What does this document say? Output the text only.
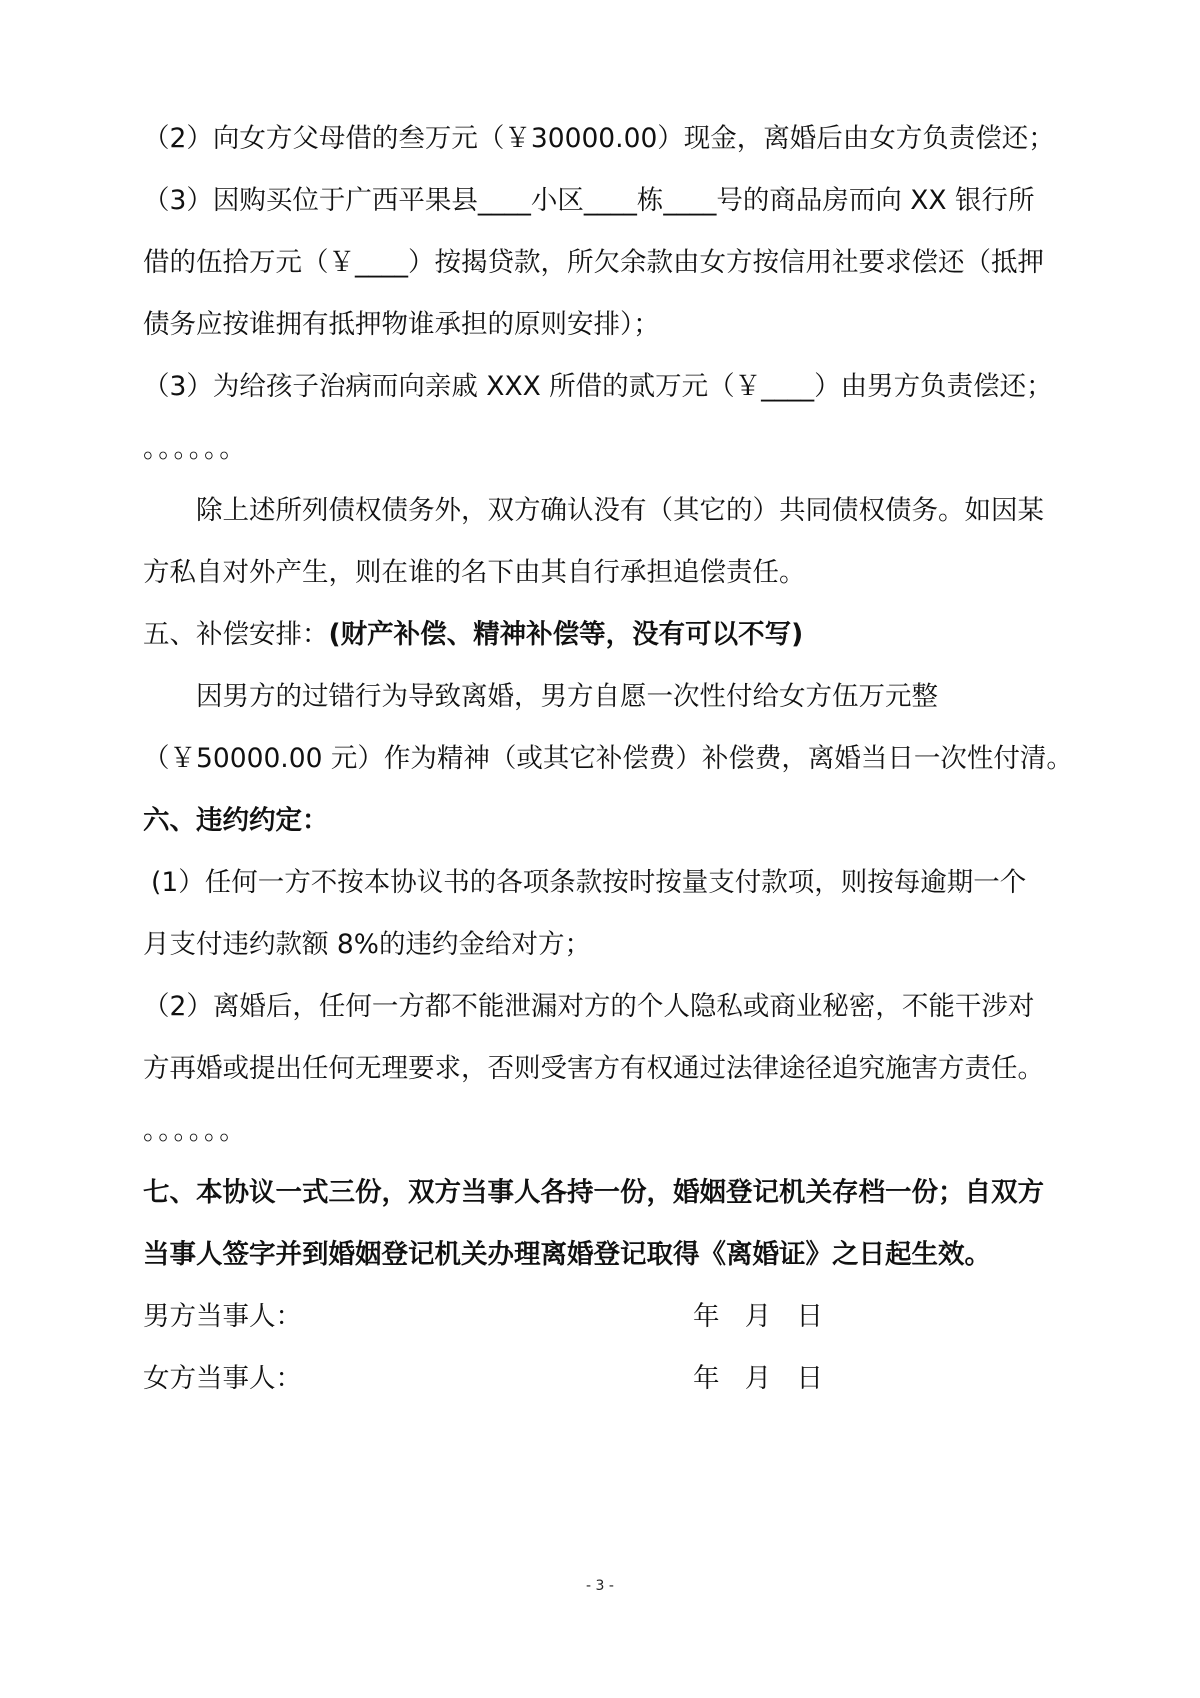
（2）向女方父母借的叁万元（￥30000.00）现金，离婚后由女方负责偿还；
（3）因购买位于广西平果县____小区____栋____号的商品房而向 XX 银行所
借的伍拾万元（￥____）按揭贷款，所欠余款由女方按信用社要求偿还（抵押
债务应按谁拥有抵押物谁承担的原则安排）；
（3）为给孩子治病而向亲戚 XXX 所借的贰万元（￥____）由男方负责偿还；
。。。。。。
除上述所列债权债务外，双方确认没有（其它的）共同债权债务。如因某
方私自对外产生，则在谁的名下由其自行承担追偿责任。
五、补偿安排：(财产补偿、精神补偿等，没有可以不写)
因男方的过错行为导致离婚，男方自愿一次性付给女方伍万元整
（￥50000.00 元）作为精神（或其它补偿费）补偿费，离婚当日一次性付清。
六、违约约定：
(1）任何一方不按本协议书的各项条款按时按量支付款项，则按每逾期一个
月支付违约款额 8%的违约金给对方；
（2）离婚后，任何一方都不能泄漏对方的个人隐私或商业秘密，不能干涉对
方再婚或提出任何无理要求，否则受害方有权通过法律途径追究施害方责任。
。。。。。。
七、本协议一式三份，双方当事人各持一份，婚姻登记机关存档一份；自双方
当事人签字并到婚姻登记机关办理离婚登记取得《离婚证》之日起生效。
男方当事人：	年   月   日
女方当事人：	年   月   日
- 3 -
